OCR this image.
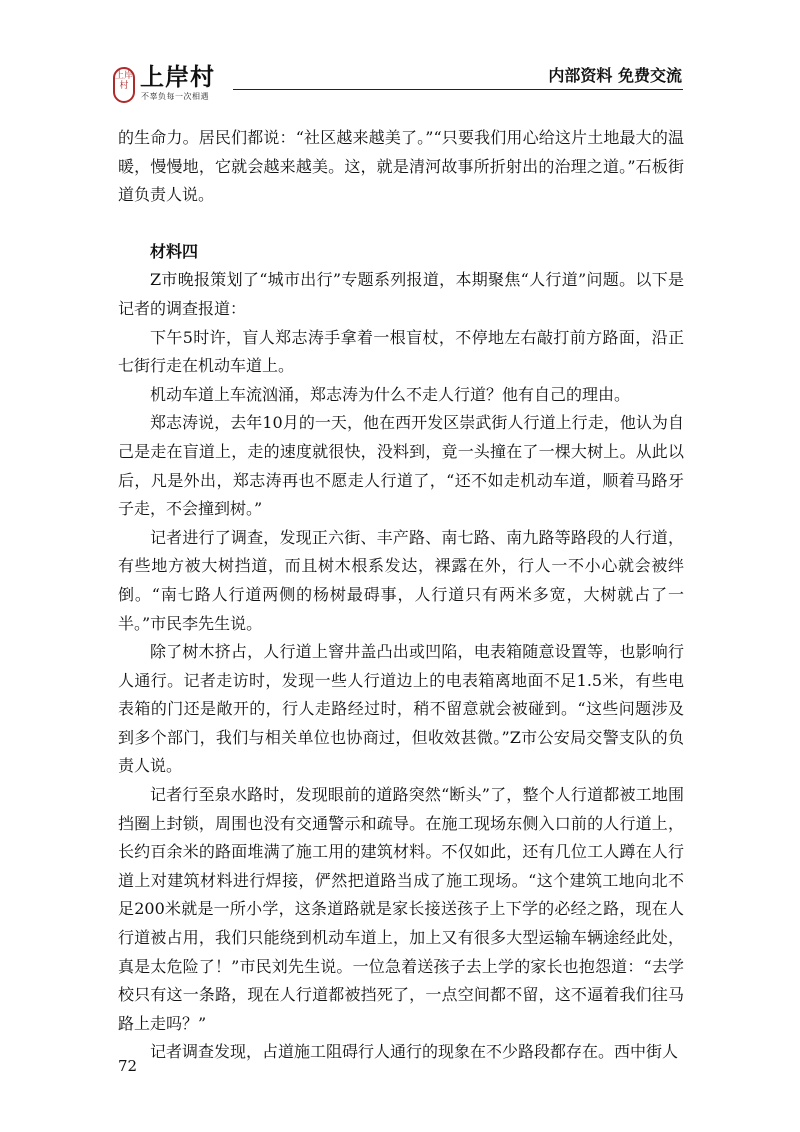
上岸村 上岸村
不辜负每一次相遇
内部资料 免费交流

的生命力。居民们都说：“社区越来越美了。”“只要我们用心给这片土地最大的温暖，慢慢地，它就会越来越美。这，就是清河故事所折射出的治理之道。”石板街道负责人说。

材料四

Z市晚报策划了“城市出行”专题系列报道，本期聚焦“人行道”问题。以下是记者的调查报道：

下午5时许，盲人郑志涛手拿着一根盲杖，不停地左右敲打前方路面，沿正七街行走在机动车道上。

机动车道上车流汹涌，郑志涛为什么不走人行道？他有自己的理由。

郑志涛说，去年10月的一天，他在西开发区崇武街人行道上行走，他认为自己是走在盲道上，走的速度就很快，没料到，竟一头撞在了一棵大树上。从此以后，凡是外出，郑志涛再也不愿走人行道了，“还不如走机动车道，顺着马路牙子走，不会撞到树。”

记者进行了调查，发现正六街、丰产路、南七路、南九路等路段的人行道，有些地方被大树挡道，而且树木根系发达，裸露在外，行人一不小心就会被绊倒。“南七路人行道两侧的杨树最碍事，人行道只有两米多宽，大树就占了一半。”市民李先生说。

除了树木挤占，人行道上窨井盖凸出或凹陷，电表箱随意设置等，也影响行人通行。记者走访时，发现一些人行道边上的电表箱离地面不足1.5米，有些电表箱的门还是敞开的，行人走路经过时，稍不留意就会被碰到。“这些问题涉及到多个部门，我们与相关单位也协商过，但收效甚微。”Z市公安局交警支队的负责人说。

记者行至泉水路时，发现眼前的道路突然“断头”了，整个人行道都被工地围挡圈上封锁，周围也没有交通警示和疏导。在施工现场东侧入口前的人行道上，长约百余米的路面堆满了施工用的建筑材料。不仅如此，还有几位工人蹲在人行道上对建筑材料进行焊接，俨然把道路当成了施工现场。“这个建筑工地向北不足200米就是一所小学，这条道路就是家长接送孩子上下学的必经之路，现在人行道被占用，我们只能绕到机动车道上，加上又有很多大型运输车辆途经此处，真是太危险了！”市民刘先生说。一位急着送孩子去上学的家长也抱怨道：“去学校只有这一条路，现在人行道都被挡死了，一点空间都不留，这不逼着我们往马路上走吗？”

记者调查发现，占道施工阻碍行人通行的现象在不少路段都存在。西中街人

72
